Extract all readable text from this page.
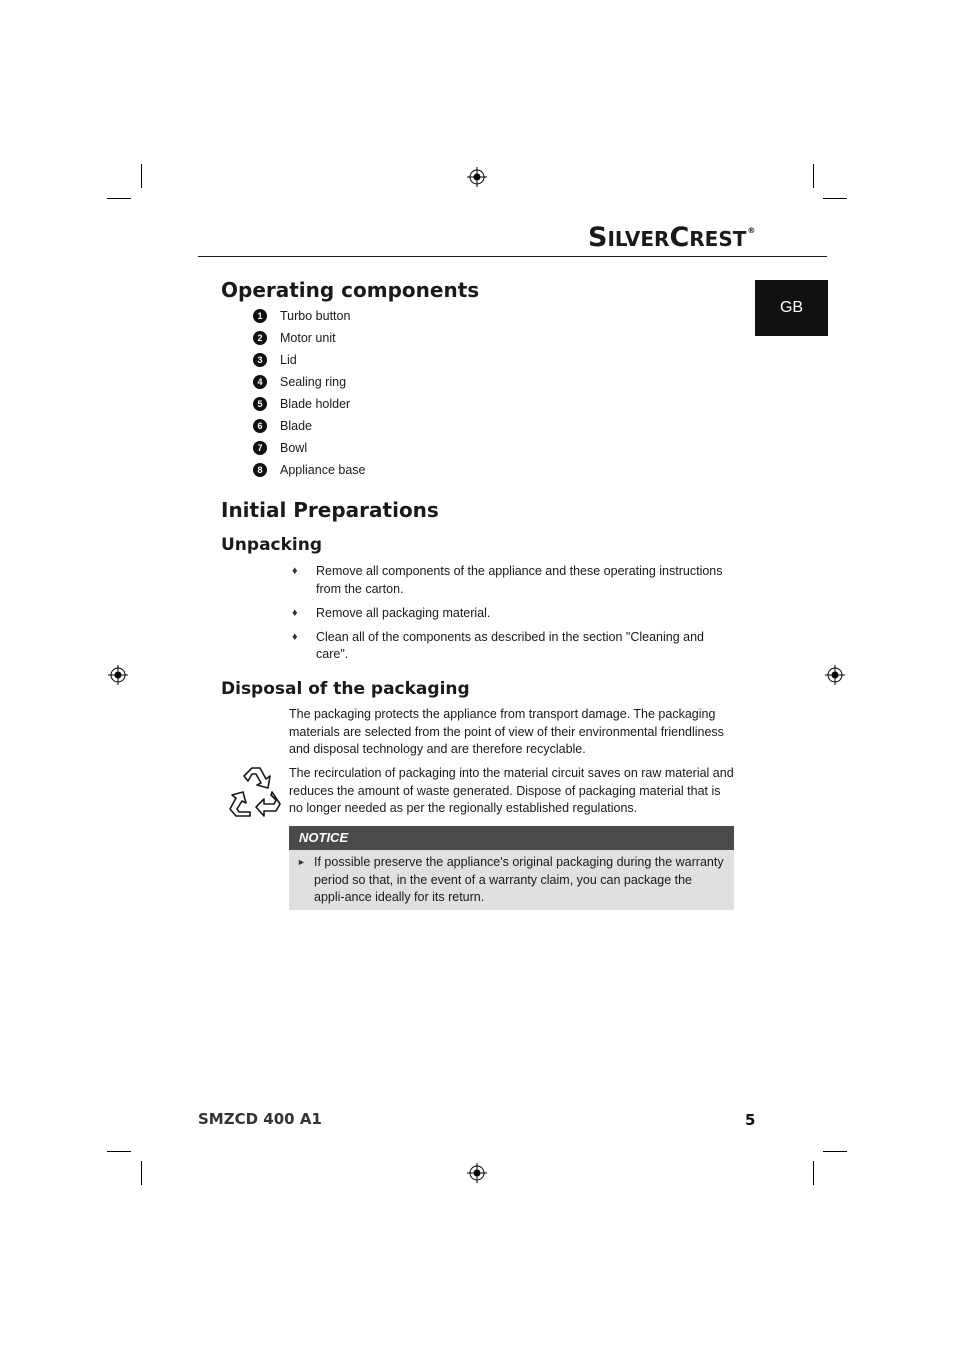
SILVERCREST®
GB
Operating components
1	Turbo button
2	Motor unit
3	Lid
4	Sealing ring
5	Blade holder
6	Blade
7	Bowl
8	Appliance base
Initial Preparations
Unpacking
♦	Remove all components of the appliance and these operating instructions from the carton.
♦	Remove all packaging material.
♦	Clean all of the components as described in the section "Cleaning and care".
Disposal of the packaging

The packaging protects the appliance from transport damage. The packaging materials are selected from the point of view of their environmental friendliness and disposal technology and are therefore recyclable.

The recirculation of packaging into the material circuit saves on raw material and reduces the amount of waste generated. Dispose of packaging material that is no longer needed as per the regionally established regulations.

NOTICE
► If possible preserve the appliance's original packaging during the warranty period so that, in the event of a warranty claim, you can package the appli-ance ideally for its return.
SMZCD 400 A1	5
